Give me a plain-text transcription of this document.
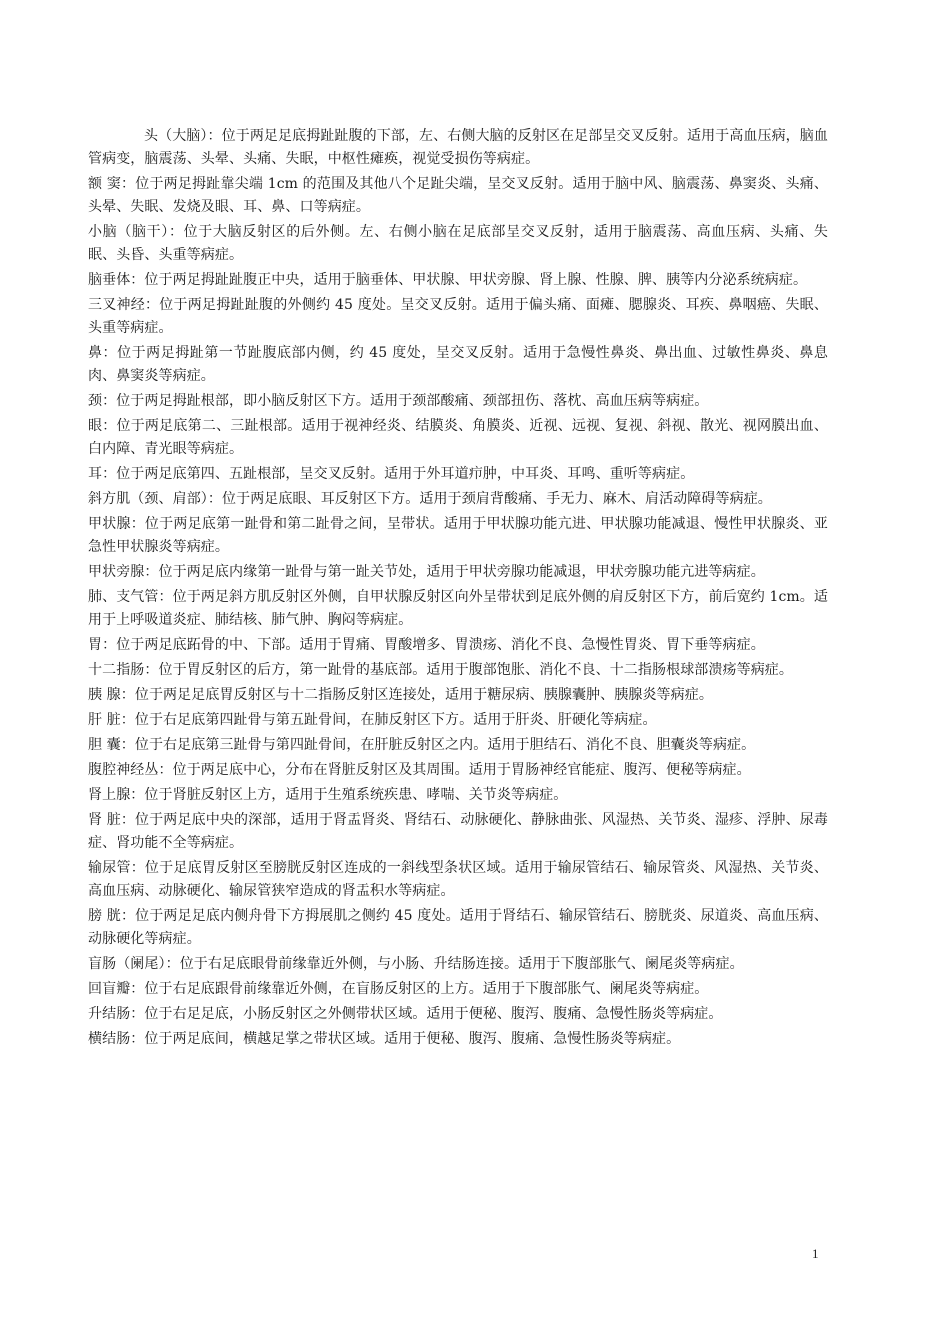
头（大脑）：位于两足足底拇趾趾腹的下部，左、右侧大脑的反射区在足部呈交叉反射。适用于高血压病，脑血管病变，脑震荡、头晕、头痛、失眠，中枢性瘫痪，视觉受损伤等病症。

额 窦：位于两足拇趾靠尖端 1cm 的范围及其他八个足趾尖端，呈交叉反射。适用于脑中风、脑震荡、鼻窦炎、头痛、头晕、失眠、发烧及眼、耳、鼻、口等病症。

小脑（脑干）：位于大脑反射区的后外侧。左、右侧小脑在足底部呈交叉反射，适用于脑震荡、高血压病、头痛、失眠、头昏、头重等病症。

脑垂体：位于两足拇趾趾腹正中央，适用于脑垂体、甲状腺、甲状旁腺、肾上腺、性腺、脾、胰等内分泌系统病症。

三叉神经：位于两足拇趾趾腹的外侧约 45 度处。呈交叉反射。适用于偏头痛、面瘫、腮腺炎、耳疾、鼻咽癌、失眠、头重等病症。

鼻：位于两足拇趾第一节趾腹底部内侧，约 45 度处，呈交叉反射。适用于急慢性鼻炎、鼻出血、过敏性鼻炎、鼻息肉、鼻窦炎等病症。

颈：位于两足拇趾根部，即小脑反射区下方。适用于颈部酸痛、颈部扭伤、落枕、高血压病等病症。

眼：位于两足底第二、三趾根部。适用于视神经炎、结膜炎、角膜炎、近视、远视、复视、斜视、散光、视网膜出血、白内障、青光眼等病症。

耳：位于两足底第四、五趾根部，呈交叉反射。适用于外耳道疖肿，中耳炎、耳鸣、重听等病症。

斜方肌（颈、肩部）：位于两足底眼、耳反射区下方。适用于颈肩背酸痛、手无力、麻木、肩活动障碍等病症。

甲状腺：位于两足底第一趾骨和第二趾骨之间，呈带状。适用于甲状腺功能亢进、甲状腺功能减退、慢性甲状腺炎、亚急性甲状腺炎等病症。

甲状旁腺：位于两足底内缘第一趾骨与第一趾关节处，适用于甲状旁腺功能减退，甲状旁腺功能亢进等病症。

肺、支气管：位于两足斜方肌反射区外侧，自甲状腺反射区向外呈带状到足底外侧的肩反射区下方，前后宽约 1cm。适用于上呼吸道炎症、肺结核、肺气肿、胸闷等病症。

胃：位于两足底跖骨的中、下部。适用于胃痛、胃酸增多、胃溃疡、消化不良、急慢性胃炎、胃下垂等病症。

十二指肠：位于胃反射区的后方，第一趾骨的基底部。适用于腹部饱胀、消化不良、十二指肠根球部溃疡等病症。

胰 腺：位于两足足底胃反射区与十二指肠反射区连接处，适用于糖尿病、胰腺囊肿、胰腺炎等病症。

肝 脏：位于右足底第四趾骨与第五趾骨间，在肺反射区下方。适用于肝炎、肝硬化等病症。

胆 囊：位于右足底第三趾骨与第四趾骨间，在肝脏反射区之内。适用于胆结石、消化不良、胆囊炎等病症。

腹腔神经丛：位于两足底中心，分布在肾脏反射区及其周围。适用于胃肠神经官能症、腹泻、便秘等病症。

肾上腺：位于肾脏反射区上方，适用于生殖系统疾患、哮喘、关节炎等病症。

肾 脏：位于两足底中央的深部，适用于肾盂肾炎、肾结石、动脉硬化、静脉曲张、风湿热、关节炎、湿疹、浮肿、尿毒症、肾功能不全等病症。

输尿管：位于足底胃反射区至膀胱反射区连成的一斜线型条状区域。适用于输尿管结石、输尿管炎、风湿热、关节炎、高血压病、动脉硬化、输尿管狭窄造成的肾盂积水等病症。

膀 胱：位于两足足底内侧舟骨下方拇展肌之侧约 45 度处。适用于肾结石、输尿管结石、膀胱炎、尿道炎、高血压病、动脉硬化等病症。

盲肠（阑尾）：位于右足底眼骨前缘靠近外侧，与小肠、升结肠连接。适用于下腹部胀气、阑尾炎等病症。

回盲瓣：位于右足底跟骨前缘靠近外侧，在盲肠反射区的上方。适用于下腹部胀气、阑尾炎等病症。

升结肠：位于右足足底，小肠反射区之外侧带状区域。适用于便秘、腹泻、腹痛、急慢性肠炎等病症。

横结肠：位于两足底间，横越足掌之带状区域。适用于便秘、腹泻、腹痛、急慢性肠炎等病症。

1
